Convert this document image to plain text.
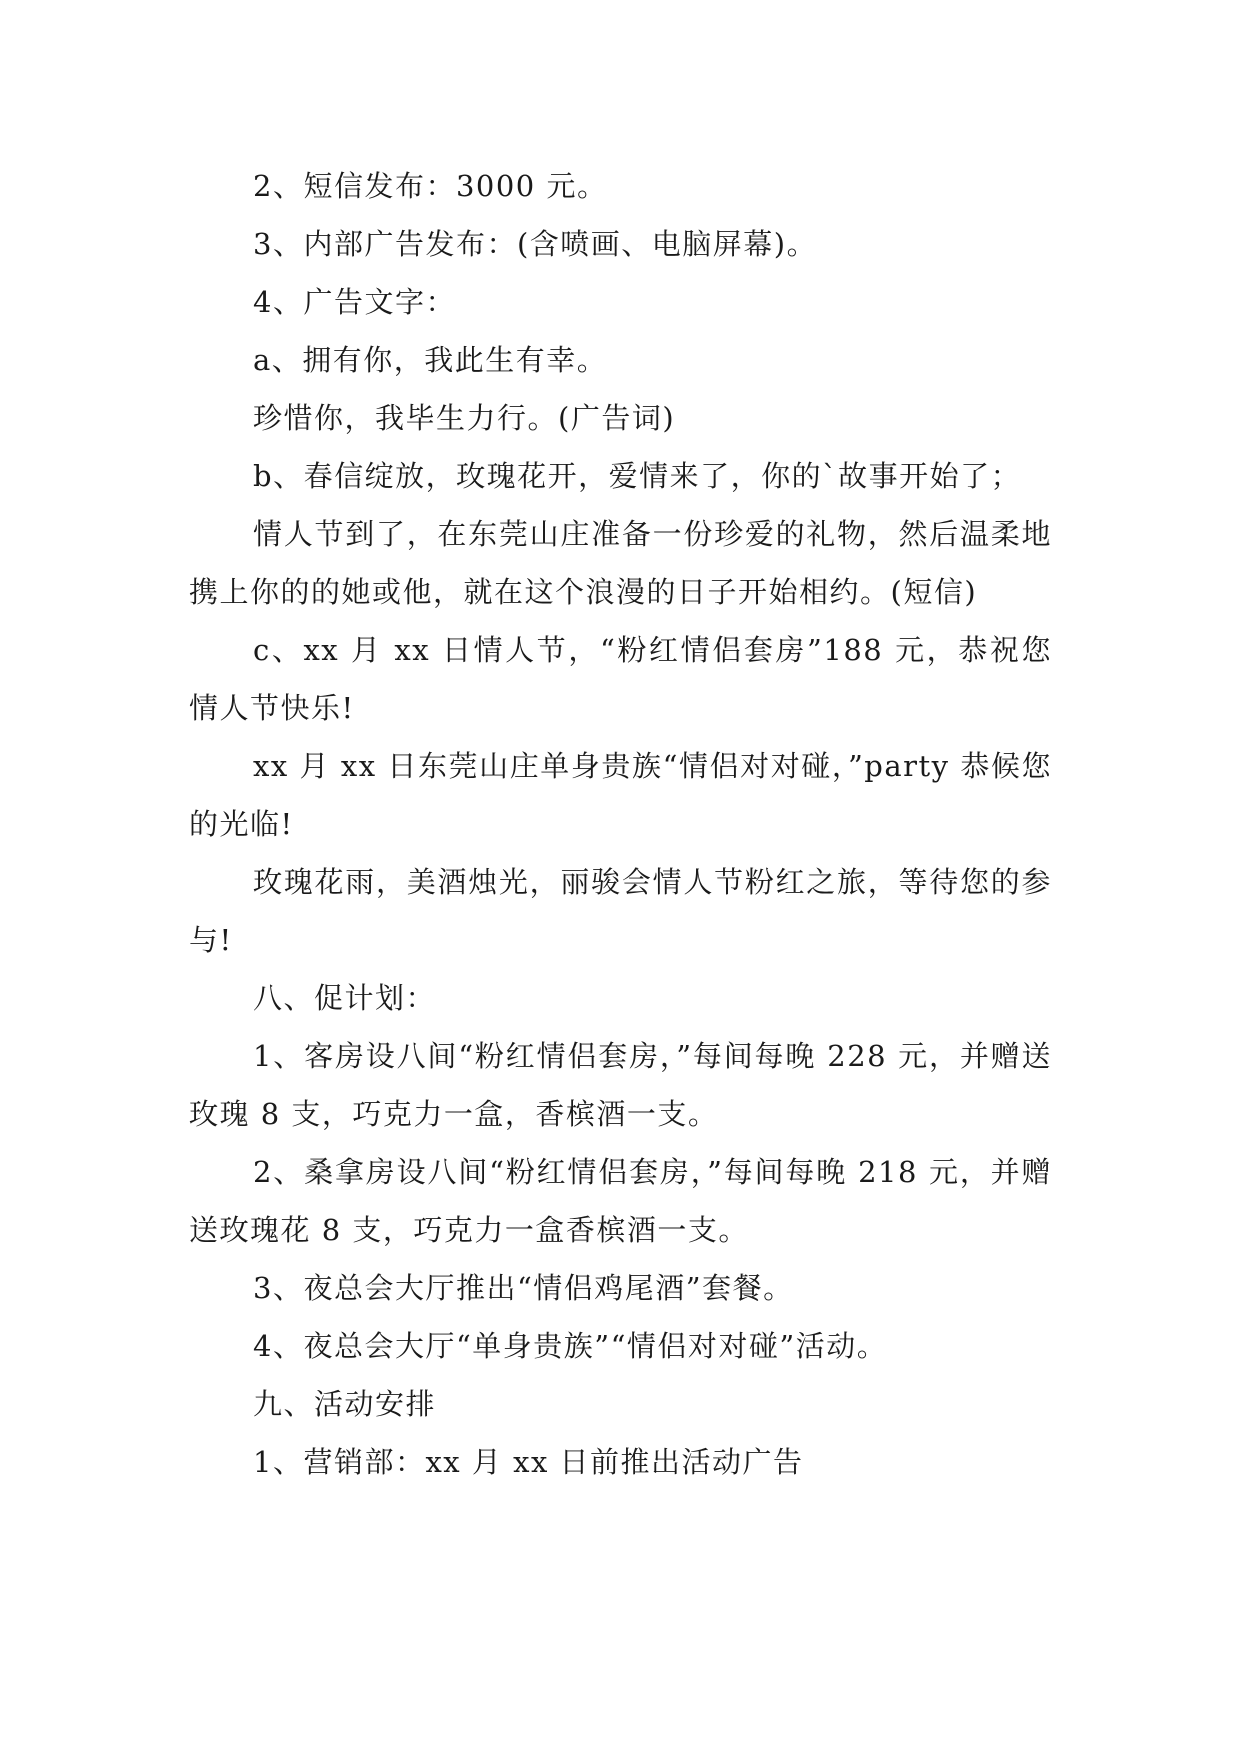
2、短信发布：3000 元。

3、内部广告发布：(含喷画、电脑屏幕)。

4、广告文字：

a、拥有你，我此生有幸。

珍惜你，我毕生力行。(广告词)

b、春信绽放，玫瑰花开，爱情来了，你的`故事开始了；

情人节到了，在东莞山庄准备一份珍爱的礼物，然后温柔地携上你的的她或他，就在这个浪漫的日子开始相约。(短信)

c、xx 月 xx 日情人节，“粉红情侣套房”188 元，恭祝您情人节快乐!

xx 月 xx 日东莞山庄单身贵族“情侣对对碰，”party 恭候您的光临!

玫瑰花雨，美酒烛光，丽骏会情人节粉红之旅，等待您的参与!

八、促计划：

1、客房设八间“粉红情侣套房，”每间每晚 228 元，并赠送玫瑰 8 支，巧克力一盒，香槟酒一支。

2、桑拿房设八间“粉红情侣套房，”每间每晚 218 元，并赠送玫瑰花 8 支，巧克力一盒香槟酒一支。

3、夜总会大厅推出“情侣鸡尾酒”套餐。

4、夜总会大厅“单身贵族”“情侣对对碰”活动。

九、活动安排

1、营销部：xx 月 xx 日前推出活动广告
